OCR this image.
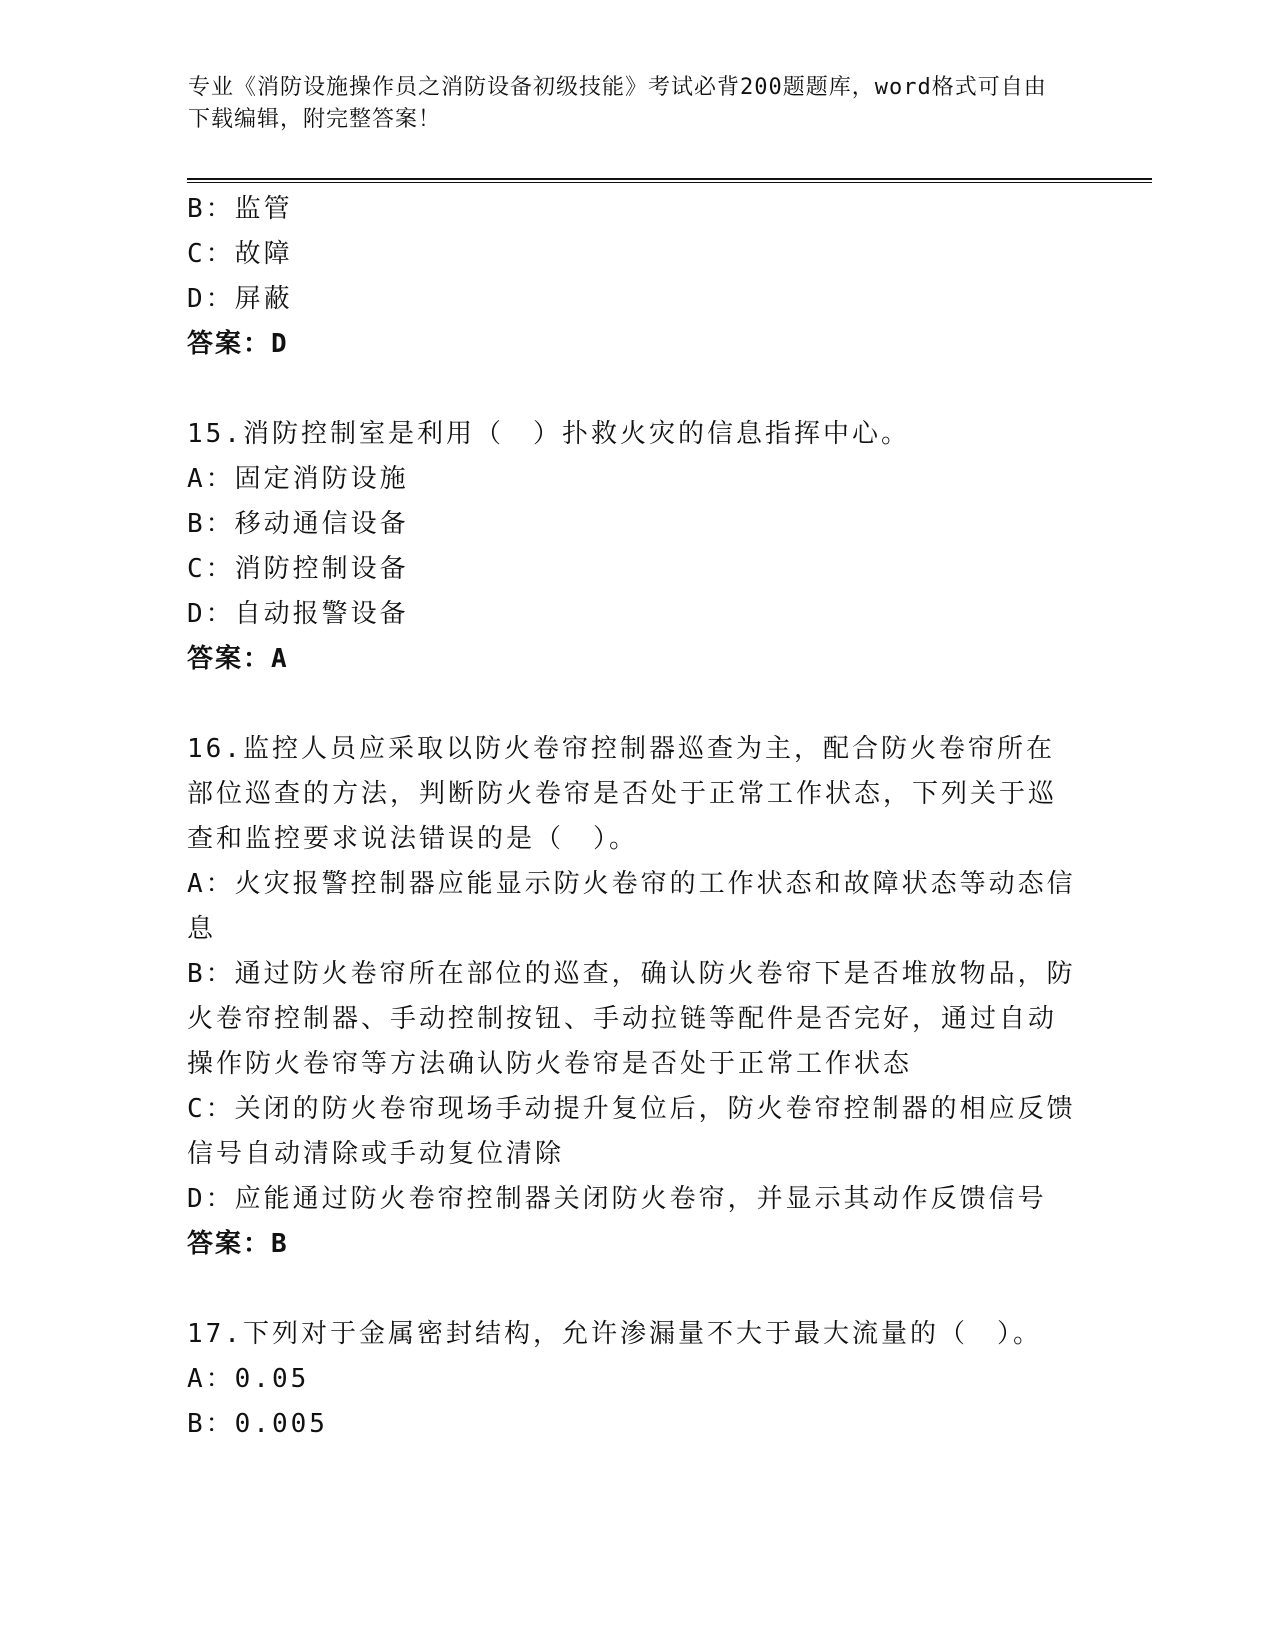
专业《消防设施操作员之消防设备初级技能》考试必背200题题库，word格式可自由下载编辑，附完整答案！

B：监管

C：故障

D：屏蔽

答案：D

15.消防控制室是利用（　）扑救火灾的信息指挥中心。

A：固定消防设施

B：移动通信设备

C：消防控制设备

D：自动报警设备

答案：A

16.监控人员应采取以防火卷帘控制器巡查为主，配合防火卷帘所在部位巡查的方法，判断防火卷帘是否处于正常工作状态，下列关于巡查和监控要求说法错误的是（　）。

A：火灾报警控制器应能显示防火卷帘的工作状态和故障状态等动态信息

B：通过防火卷帘所在部位的巡查，确认防火卷帘下是否堆放物品，防火卷帘控制器、手动控制按钮、手动拉链等配件是否完好，通过自动操作防火卷帘等方法确认防火卷帘是否处于正常工作状态

C：关闭的防火卷帘现场手动提升复位后，防火卷帘控制器的相应反馈信号自动清除或手动复位清除

D：应能通过防火卷帘控制器关闭防火卷帘，并显示其动作反馈信号

答案：B

17.下列对于金属密封结构，允许渗漏量不大于最大流量的（　）。

A：0.05

B：0.005
